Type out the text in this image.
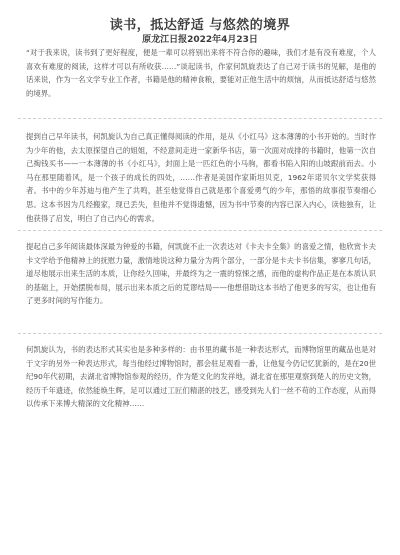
读书，抵达舒适 与悠然的境界
原龙江日报2022年4月23日

“对于我来说，读书到了更好程度，便是一辈可以将别出来将不符合你的趣味，我们才是有没有难度，个人喜欢有难度的阅读，这样才可以有所收获……”谈起读书，作家何凯旋表达了自己对于读书的见解，是他的话来说，作为一名文学专业工作者，书籍是他的精神食粮，要能对正他生活中的烦恼，从而抵达舒适与悠然的境界。

提到自己早年读书，何凯旋认为自己真正懂得阅读的作用，是从《小红马》这本薄薄的小书开始的。当时作为少年的他，去太原探望自己的姐姐，不经意间走进一家新华书店，第一次面对成排的书籍时，他第一次自己掏钱买书——一本薄薄的书《小红马》，封面上是一匹红色的小马驹，都看书陷入阳的山坡跟前而去。小马在那里随着风，是一个孩子的成长的四处，……作者是美国作家斯坦贝克，1962年诺贝尔文学奖获得者。书中的少年苏迪与他产生了共鸣，甚至他觉得自己就是那个喜爱勇气的少年，那悟的故事很节奏细心思。这本书因为几经搬家，现已丢失，但他并不觉得遗憾，因为书中节奏的内容已深入内心，读他独有，让他获得了启发，明白了自己内心的需求。

提起自己多年阅读最体深最为钟爱的书籍，何凯旋不止一次表达对《卡夫卡全集》的喜爱之情，他欣赏卡夫卡文学给予他精神上的抚慰力量，激情地说这种力量分为两个部分，一部分是卡夫卡书信集，寥寥几句话，道尽他展示出来生活的本质，让你经久回味，并最终为之一震的惊悚之感，而他的虚构作品正是在本质认识的基础上，开始摆脱布局，展示出来本质之后的荒谬结局——他想借助这本书给了他更多的写实，也让他有了更多时间的写作能力。

何凯旋认为，书的表达形式其实也是多种多样的：由书里的藏书是一种表达形式，而博物馆里的藏品也是对于文字的另外一种表达形式，每当他经过博物馆时，都会驻足观看一番，让他复今仍记忆犹新的，是在20世纪90年代初期，去湖北省博物馆参观的经历，作为楚文化的发祥地，湖北省在那里观察到楚人的历史文物，经历千年遗迹，依然能焕生辉，足可以通过工匠们精湛的技艺，感受到先人们一丝不苟的工作态度，从而得以传承下来博大精深的文化精神……
